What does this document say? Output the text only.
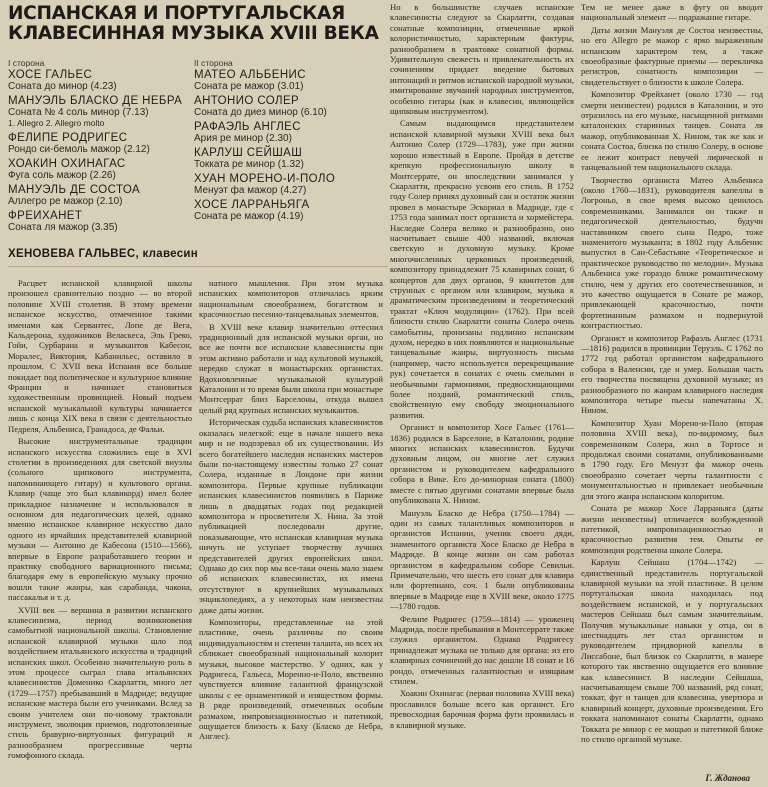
ИСПАНСКАЯ И ПОРТУГАЛЬСКАЯ КЛАВЕСИННАЯ МУЗЫКА XVIII ВЕКА
I сторона
ХОСЕ ГАЛЬЕС
Соната до минор (4.23)
МАНУЭЛЬ БЛАСКО ДЕ НЕБРА
Соната № 4 соль минор (7.13)
1. Allegro 2. Allegro molto
ФЕЛИПЕ РОДРИГЕС
Рондо си-бемоль мажор (2.12)
ХОАКИН ОХИНАГАС
Фуга соль мажор (2.26)
МАНУЭЛЬ ДЕ СОСТОА
Аллегро ре мажор (2.10)
ФРЕИХАНЕТ
Соната ля мажор (3.35)
II сторона
МАТЕО АЛЬБЕНИС
Соната ре мажор (3.01)
АНТОНИО СОЛЕР
Соната до диез минор (6.10)
РАФАЭЛЬ АНГЛЕС
Ария ре минор (2.30)
КАРЛУШ СЕЙШАШ
Токката ре минор (1.32)
ХУАН МОРЕНО-И-ПОЛО
Менуэт фа мажор (4.27)
ХОСЕ ЛАРРАНЬЯГА
Соната ре мажор (4.19)
ХЕНОВЕВА ГАЛЬВЕС, клавесин

Расцвет испанской клавирной школы произошел сравнительно поздно — во второй половине XVIII столетия. В этому времени испанское искусство, отмеченное такими именами как Сервантес, Лопе де Вега, Кальдерона, художников Веласкеса, Эль Греко, Гойи, Сурбарана и музыкантов Кабесон, Моралес, Виктория, Кабанильес, оставило в прошлом. С XVII века Испания все больше покидает под политическое и культурное влияние Франции и начинает становиться художественным провинцией. Новый подъем испанской музыкальной культуры начинается лишь с конца XIX века в связи с деятельностью Педреля, Альбениса, Гранадоса, де Фальи.

Высокие инструментальные традиции испанского искусства сложились еще в XVI столетии в произведениях для светской виуэлы (сольного щипкового инструмента, напоминающего гитару) и культового органа. Клавир (чаще это был клавикорд) имел более прикладное назначение и использовался в основном для педагогических целей, однако именно испанское клавирное искусство дало одного из ярчайших представителей клавирной музыки — Антонио де Кабесона (1510—1566), впервые в Европе разработавшего теории и практику свободного вариационного письма; благодаря ему в европейскую музыку прочно вошли такие жанры, как сарабанда, чакона, пассакалья и т. д.

XVIII век — вершина в развитии испанского клавесинизма, период возникновения самобытной национальной школы. Становление испанской клавирной музыки шло под воздействием итальянского искусства и традиций испанских школ. Особенно значительную роль в этом процессе сыграл глава итальянских клавесинистов Доменико Скарлатти, много лет (1729—1757) пребывавший в Мадриде; ведущие испанские мастера были его учениками. Вслед за своим учителем они по-новому трактовали инструмент, эволюция приемов, подготовленные стиль бравурно-виртуозных фигураций и разнообразием прогрессивные черты гомофонного склада.

натного мышления. При этом музыка испанских композиторов отличалась ярким национальным своеобразием, богатством и красочностью песенно-танцевальных элементов.

В XVIII веке клавир значительно оттеснил традиционный для испанской музыки орган, но все же почти все испанские клавесинисты при этом активно работали и над культовой музыкой, нередко служат в монастырских органистах. Вдохновленные музыкальной культурой Каталонии и то время были школа при монастыре Монтсеррат близ Барселоны, откуда вышел целый ряд крупных испанских музыкантов.

Историческая судьба испанских клавесинистов оказалась нелегкой: еще в начале нашего века мир и не подозревал об их существовании. Из всего богатейшего наследия испанских мастеров были по-настоящему известны только 27 сонат Солера, изданные в Лондоне при жизни композитора. Первые крупные публикации испанских клавесинистов появились в Париже лишь в двадцатых годах под редакцией композитора и просветителя Х. Нина. За этой публикацией последовали другие, показывающие, что испанская клавирная музыка ничуть не уступает творчеству лучших представителей других европейских школ. Однако до сих пор мы все-таки очень мало знаем об испанских клавесинистах, их имена отсутствуют в крупнейших музыкальных энциклопедиях, а у некоторых нам неизвестны даже даты жизни.

Композиторы, представленные на этой пластинке, очень различны по своим индивидуальностям и степени таланта, но всех их сближает своеобразный национальный колорит музыки, высокое мастерство. У одних, как у Родригеса, Гальеса, Моренно-и-Поло, явственно чувствуется влияние галантной французской школы с ее орнаментикой и изяществом формы. В ряде произведений, отмеченных особым размахом, импровизационностью и патетикой, ощущается близость к Баху (Бласко де Небра, Англес).

Но в большинстве случаев испанские клавесинисты следуют за Скарлатти, создавая сонатные композиции, отмеченные яркой колористичностью, характерным фактуры, разнообразием в трактовке сонатной формы. Удивительную свежесть и привлекательность их сочинениям придает введение бытовых интонаций и ритмов испанской народной музыки, имитирование звучаний народных инструментов, особенно гитары (как и клавесин, являющейся щипковым инструментом).

Самым выдающимся представителем испанской клавирной музыки XVIII века был Антонио Солер (1729—1783), уже при жизни хорошо известный в Европе. Пройдя в детстве крепкую профессиональную школу в Монтсеррате, он впоследствии занимался у Скарлатти, прекрасно усвоив его стиль. В 1752 году Солер принял духовный сан и остаток жизни провел в монастыре Эскориал в Мадриде, где с 1753 года занимал пост органиста и хормейстера. Наследие Солера велико и разнообразно, оно насчитывает свыше 400 названий, включая светскую и духовную музыку. Кроме многочисленных церковных произведений, композитору принадлежит 75 клавирных сонат, 6 концертов для двух органов, 9 квинтетов для струнных с органом или клавиром, музыка к драматическим произведениям и теоретический трактат «Ключ модуляции» (1762). При всей близости стилю Скарлатти сонаты Солера очень самобытны, пронизаны подлинно испанским духом, нередко в них появляются и национальные танцевальные жанры, виртуозность письма (например, часто используется перекрещивание рук) сочетается в сонатах с очень смелыми и необычными гармониями, предвосхищающими более поздний, романтический стиль, свойственную ему свободу эмоционального развития.

Органист и композитор Хосе Гальес (1761—1836) родился в Барселоне, в Каталонии, родине многих испанских клавесинистов. Будучи духовным лицом, он многие лет служил органистом и руководителем кафедрального собора в Вике. Его до-минорная соната (1800) вместе с пятью другими сонатами впервые была опубликована Х. Нином.

Мануэль Бласко де Небра (1750—1784) — один из самых талантливых композиторов и органистов Испании, ученик своего дяди, знаменитого органиста Хосе Бласко де Небра в Мадриде. В конце жизни он сам работал органистом в кафедральном соборе Севильи. Примечательно, что шесть его сонат для клавира или фортепиано, соч. 1 были опубликованы впервые в Мадриде еще в XVIII веке, около 1775—1780 годов.

Фелипе Родригес (1759—1814) — уроженец Мадрида, после пребывания в Монтсеррате также служил органистом. Однако Родригесу принадлежат музыка не только для органа: из его клавирных сочинений до нас дошли 18 сонат и 16 рондо, отмеченных галантностью и изящным стилем.

Хоакин Охинагас (первая половина XVIII века) прославился больше всего как органист. Его превосходная барочная форма фуги проявилась и в клавирной музыке.

Тем не менее даже в фугу он вводит национальный элемент — подражание гитаре.

Даты жизни Мануэля де Состоа неизвестны, но его Allegro ре мажор с ярко выраженным испанским характером тем, а также своеобразные фактурные приемы — перекличка регистров, сонатность композиции — свидетельствует о близости к школе Солера.

Композитор Фрейханет (около 1730 — год смерти неизвестен) родился в Каталонии, и это отразилось на его музыке, насыщенной ритмами каталонских старинных танцев. Соната ля мажор, опубликованная Х. Нином, так же как и соната Состоа, близка по стилю Солеру, в основе ее лежит контраст певучей лирической и танцевальной тем национального склада.

Творчество органиста Матео Альбениса (около 1760—1831), руководителя капеллы в Логроньо, в свое время высоко ценилось современниками. Занимался он также и педагогической деятельностью, будучи наставником своего сына Педро, тоже знаменитого музыканта; в 1802 году Альбенис выпустил в Сан-Себастьяне «Теоретическое и практическое руководство по мелодии». Музыка Альбениса уже гораздо ближе романтическому стилю, чем у других его соотечественников, и это качество ощущается в Сонате ре мажор, привлекающей красочностью, почти фортепианным размахом и подвернутой контрастностью.

Органист и композитор Рафаэль Англес (1731—1816) родился в провинции Теруэль. С 1762 по 1772 год работал органистом кафедрального собора в Валенсии, где и умер. Большая часть его творчества посвящена духовной музыке; из разнообразного по жанрам клавирного наследия композитора четыре пьесы напечатаны Х. Нином.

Композитор Хуан Морено-и-Поло (вторая половина XVIII века), по-видимому, был современником Солера, жил в Тортосе и продолжал своими сонатами, опубликованными в 1790 году. Его Менуэт фа мажор очень своеобразно сочетает черты галантности с монументальностью и привлекает необычным для этого жанра испанским колоритом.

Соната ре мажор Хосе Ларраньяга (даты жизни неизвестны) отличается возбужденной патетикой, импровизационностью и красочностью развития тем. Опыты ее композиция родственна школе Солера.

Карлуш Сейшаш (1704—1742) — единственный представитель португальской клавирной музыки на этой пластинке. В целом португальская школа находилась под воздействием испанской, и у португальских мастеров Сейшаш был самым значительным. Получив музыкальные навыки у отца, он в шестнадцать лет стал органистом и руководителем придворной капеллы в Лиссабоне, был близок со Скарлатти, в манере которого так явственно ощущается его влияние как клавесинист. В наследии Сейшаша, насчитывающем свыше 700 названий, ряд сонат, токкат, фуг и танцев для клавесина, увертюра и клавирный концерт, духовные произведения. Его токката напоминают сонаты Скарлатти, однако Токката ре минор с ее мощью и патетикой ближе по стилю органной музыке.

Г. Жданова
